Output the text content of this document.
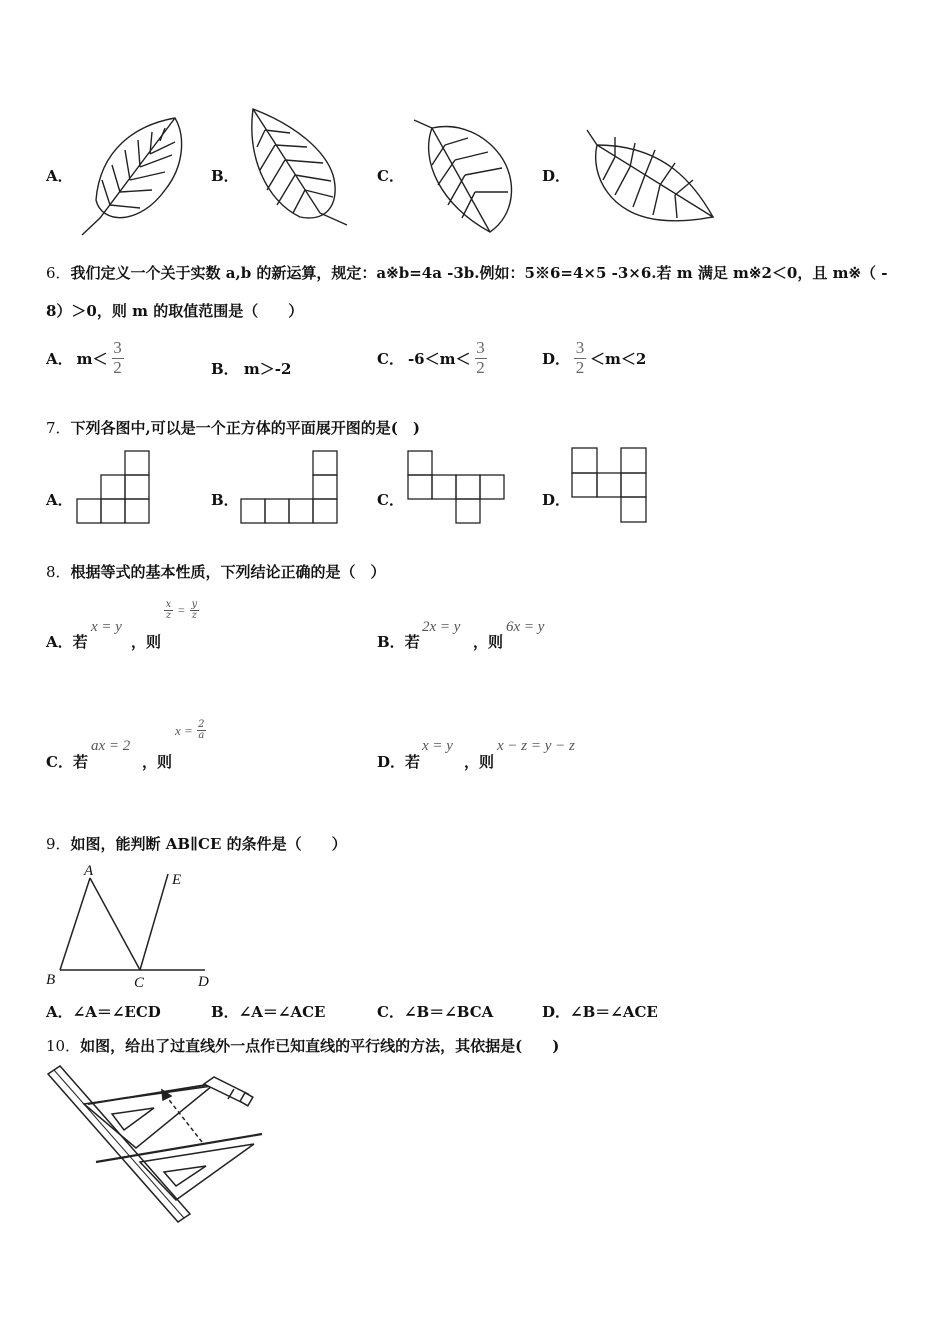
A．	B．	C．	D．
6．我们定义一个关于实数 a,b 的新运算，规定：a※b=4a -3b.例如：5※6=4×5 -3×6.若 m 满足 m※2＜0，且 m※（ -
8）＞0，则 m 的取值范围是（　　）
A． $m< \frac{3}{2}$	B． m＞-2
C． $-6<m< \frac{3}{2}$	D． $\frac{3}{2} <m<2$
7．下列各图中,可以是一个正方体的平面展开图的是(　)
A．	B．	C．	D．
8．根据等式的基本性质，下列结论正确的是（　）
A．若
x = y
，则
x
z = y
z
B．若
2x = y
，则
6x = y
C．若
ax = 2
，则
x = 2
a
D．若
x = y
，则
x − z = y − z
9．如图，能判断 AB∥CE 的条件是（　　）
A
B	C	D
E
A．∠A＝∠ECD	B．∠A＝∠ACE	C．∠B＝∠BCA	D．∠B＝∠ACE
10．如图，给出了过直线外一点作已知直线的平行线的方法，其依据是(　　)
